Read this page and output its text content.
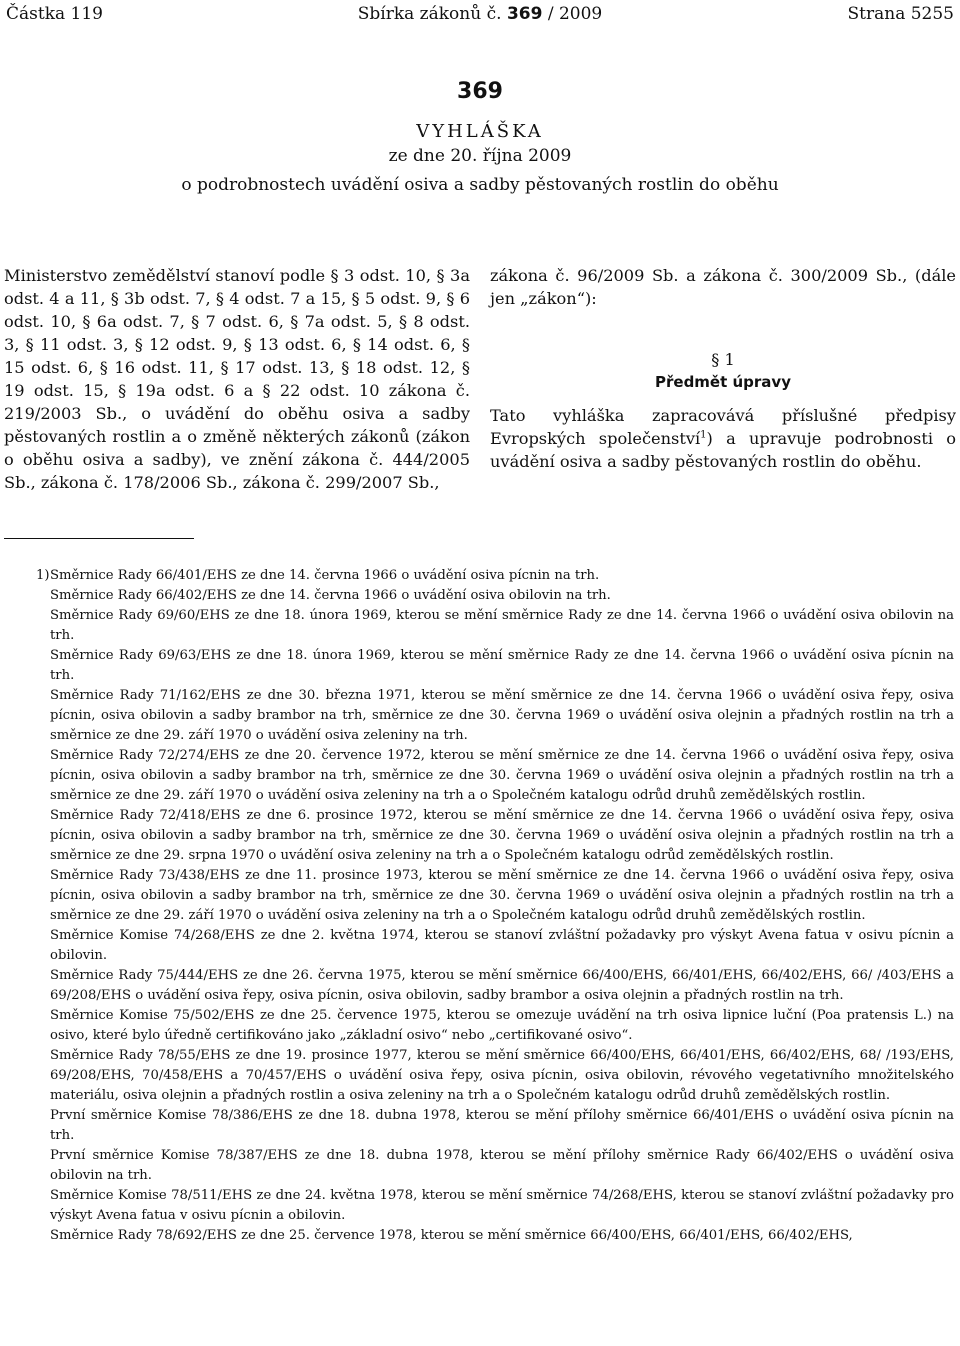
Částka 119	Sbírka zákonů č. 369 / 2009	Strana 5255
369
VYHLÁŠKA
ze dne 20. října 2009
o podrobnostech uvádění osiva a sadby pěstovaných rostlin do oběhu
Ministerstvo zemědělství stanoví podle § 3 odst. 10, § 3a odst. 4 a 11, § 3b odst. 7, § 4 odst. 7 a 15, § 5 odst. 9, § 6 odst. 10, § 6a odst. 7, § 7 odst. 6, § 7a odst. 5, § 8 odst. 3, § 11 odst. 3, § 12 odst. 9, § 13 odst. 6, § 14 odst. 6, § 15 odst. 6, § 16 odst. 11, § 17 odst. 13, § 18 odst. 12, § 19 odst. 15, § 19a odst. 6 a § 22 odst. 10 zákona č. 219/2003 Sb., o uvádění do oběhu osiva a sadby pěstovaných rostlin a o změně některých zákonů (zákon o oběhu osiva a sadby), ve znění zákona č. 444/2005 Sb., zákona č. 178/2006 Sb., zákona č. 299/2007 Sb.,
zákona č. 96/2009 Sb. a zákona č. 300/2009 Sb., (dále jen „zákon“):
§ 1
Předmět úpravy
Tato vyhláška zapracovává příslušné předpisy Evropských společenství$^1$) a upravuje podrobnosti o uvádění osiva a sadby pěstovaných rostlin do oběhu.
1) Směrnice Rady 66/401/EHS ze dne 14. června 1966 o uvádění osiva pícnin na trh.

Směrnice Rady 66/402/EHS ze dne 14. června 1966 o uvádění osiva obilovin na trh.

Směrnice Rady 69/60/EHS ze dne 18. února 1969, kterou se mění směrnice Rady ze dne 14. června 1966 o uvádění osiva obilovin na trh.

Směrnice Rady 69/63/EHS ze dne 18. února 1969, kterou se mění směrnice Rady ze dne 14. června 1966 o uvádění osiva pícnin na trh.

Směrnice Rady 71/162/EHS ze dne 30. března 1971, kterou se mění směrnice ze dne 14. června 1966 o uvádění osiva řepy, osiva pícnin, osiva obilovin a sadby brambor na trh, směrnice ze dne 30. června 1969 o uvádění osiva olejnin a přadných rostlin na trh a směrnice ze dne 29. září 1970 o uvádění osiva zeleniny na trh.

Směrnice Rady 72/274/EHS ze dne 20. července 1972, kterou se mění směrnice ze dne 14. června 1966 o uvádění osiva řepy, osiva pícnin, osiva obilovin a sadby brambor na trh, směrnice ze dne 30. června 1969 o uvádění osiva olejnin a přadných rostlin na trh a směrnice ze dne 29. září 1970 o uvádění osiva zeleniny na trh a o Společném katalogu odrůd druhů zemědělských rostlin.

Směrnice Rady 72/418/EHS ze dne 6. prosince 1972, kterou se mění směrnice ze dne 14. června 1966 o uvádění osiva řepy, osiva pícnin, osiva obilovin a sadby brambor na trh, směrnice ze dne 30. června 1969 o uvádění osiva olejnin a přadných rostlin na trh a směrnice ze dne 29. srpna 1970 o uvádění osiva zeleniny na trh a o Společném katalogu odrůd zemědělských rostlin.

Směrnice Rady 73/438/EHS ze dne 11. prosince 1973, kterou se mění směrnice ze dne 14. června 1966 o uvádění osiva řepy, osiva pícnin, osiva obilovin a sadby brambor na trh, směrnice ze dne 30. června 1969 o uvádění osiva olejnin a přadných rostlin na trh a směrnice ze dne 29. září 1970 o uvádění osiva zeleniny na trh a o Společném katalogu odrůd druhů zemědělských rostlin.

Směrnice Komise 74/268/EHS ze dne 2. května 1974, kterou se stanoví zvláštní požadavky pro výskyt Avena fatua v osivu pícnin a obilovin.

Směrnice Rady 75/444/EHS ze dne 26. června 1975, kterou se mění směrnice 66/400/EHS, 66/401/EHS, 66/402/EHS, 66/ /403/EHS a 69/208/EHS o uvádění osiva řepy, osiva pícnin, osiva obilovin, sadby brambor a osiva olejnin a přadných rostlin na trh.

Směrnice Komise 75/502/EHS ze dne 25. července 1975, kterou se omezuje uvádění na trh osiva lipnice luční (Poa pratensis L.) na osivo, které bylo úředně certifikováno jako „základní osivo“ nebo „certifikované osivo“.

Směrnice Rady 78/55/EHS ze dne 19. prosince 1977, kterou se mění směrnice 66/400/EHS, 66/401/EHS, 66/402/EHS, 68/ /193/EHS, 69/208/EHS, 70/458/EHS a 70/457/EHS o uvádění osiva řepy, osiva pícnin, osiva obilovin, révového vegetativního množitelského materiálu, osiva olejnin a přadných rostlin a osiva zeleniny na trh a o Společném katalogu odrůd druhů zemědělských rostlin.

První směrnice Komise 78/386/EHS ze dne 18. dubna 1978, kterou se mění přílohy směrnice 66/401/EHS o uvádění osiva pícnin na trh.

První směrnice Komise 78/387/EHS ze dne 18. dubna 1978, kterou se mění přílohy směrnice Rady 66/402/EHS o uvádění osiva obilovin na trh.

Směrnice Komise 78/511/EHS ze dne 24. května 1978, kterou se mění směrnice 74/268/EHS, kterou se stanoví zvláštní požadavky pro výskyt Avena fatua v osivu pícnin a obilovin.

Směrnice Rady 78/692/EHS ze dne 25. července 1978, kterou se mění směrnice 66/400/EHS, 66/401/EHS, 66/402/EHS,
